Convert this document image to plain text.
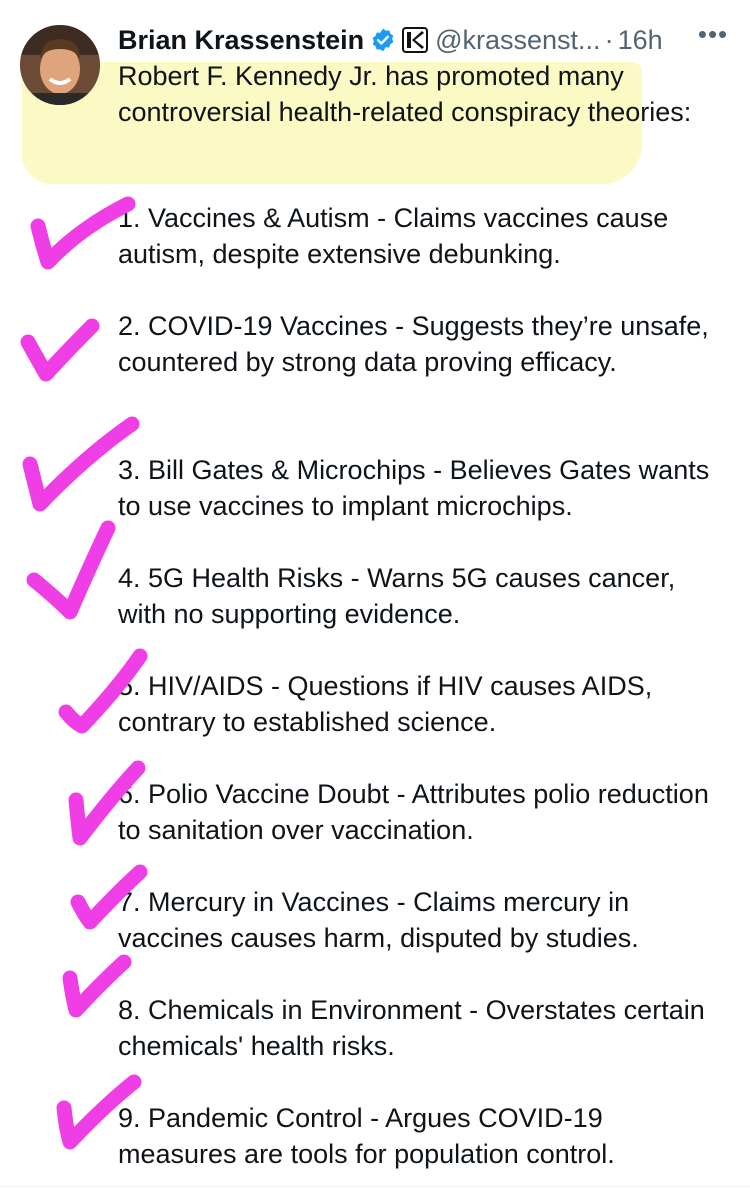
Brian Krassenstein	@krassenst... · 16h •••
Robert F. Kennedy Jr. has promoted many controversial health-related conspiracy theories:
1. Vaccines & Autism - Claims vaccines cause autism, despite extensive debunking.
2. COVID-19 Vaccines - Suggests they’re unsafe, countered by strong data proving efficacy.
3. Bill Gates & Microchips - Believes Gates wants to use vaccines to implant microchips.
4. 5G Health Risks - Warns 5G causes cancer, with no supporting evidence.
5. HIV/AIDS - Questions if HIV causes AIDS, contrary to established science.
6. Polio Vaccine Doubt - Attributes polio reduction to sanitation over vaccination.
7. Mercury in Vaccines - Claims mercury in vaccines causes harm, disputed by studies.
8. Chemicals in Environment - Overstates certain chemicals' health risks.
9. Pandemic Control - Argues COVID-19 measures are tools for population control.
